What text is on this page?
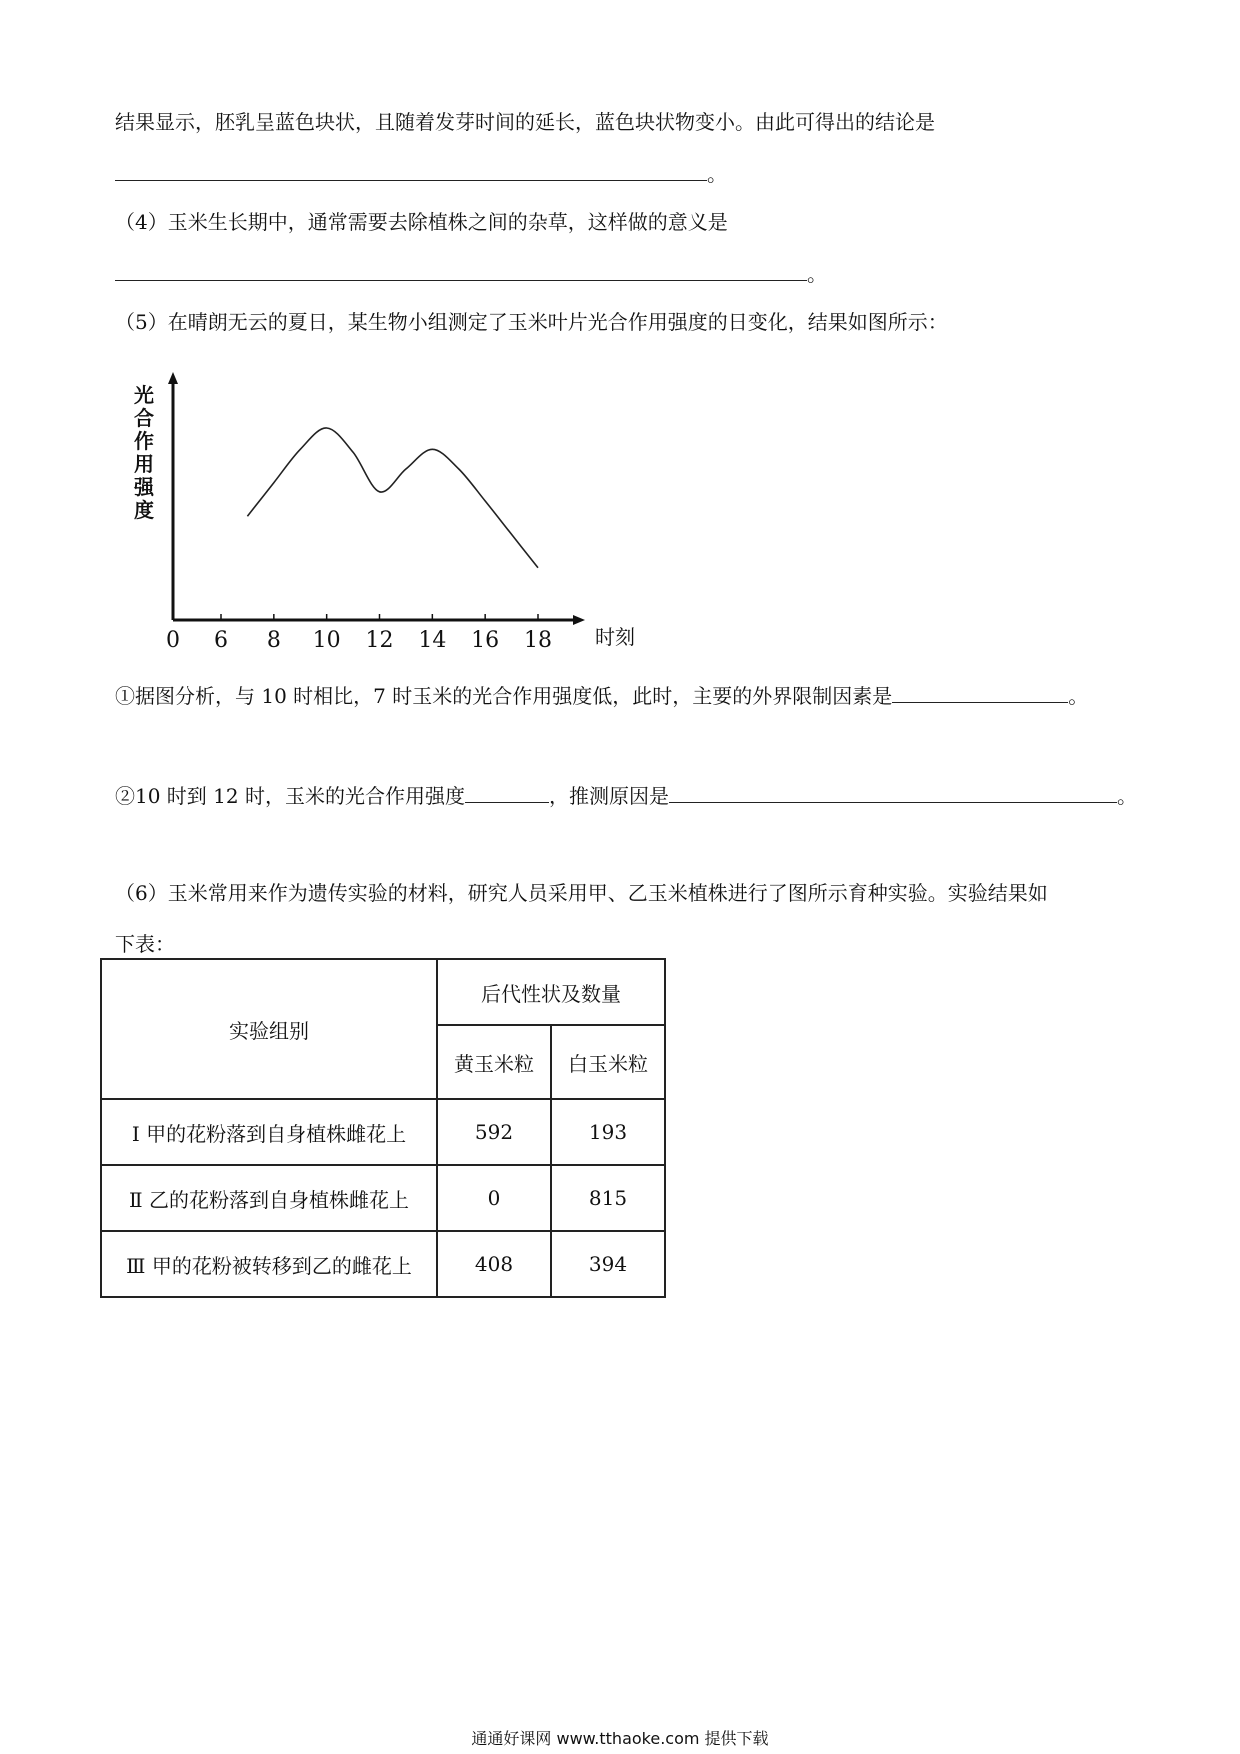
结果显示，胚乳呈蓝色块状，且随着发芽时间的延长，蓝色块状物变小。由此可得出的结论是
。
（4）玉米生长期中，通常需要去除植株之间的杂草，这样做的意义是
。
（5）在晴朗无云的夏日，某生物小组测定了玉米叶片光合作用强度的日变化，结果如图所示：
0 6 8 10 12 14 16 18 时刻
光
合
作
用
强
度
①据图分析，与 10 时相比，7 时玉米的光合作用强度低，此时，主要的外界限制因素是	。
②10 时到 12 时，玉米的光合作用强度	，推测原因是	。
（6）玉米常用来作为遗传实验的材料，研究人员采用甲、乙玉米植株进行了图所示育种实验。实验结果如
下表：
实验组别	后代性状及数量	
	黄玉米粒	白玉米粒
Ⅰ 甲的花粉落到自身植株雌花上	592	193
Ⅱ 乙的花粉落到自身植株雌花上	0	815
Ⅲ 甲的花粉被转移到乙的雌花上	408	394
通通好课网 www.tthaoke.com 提供下载
